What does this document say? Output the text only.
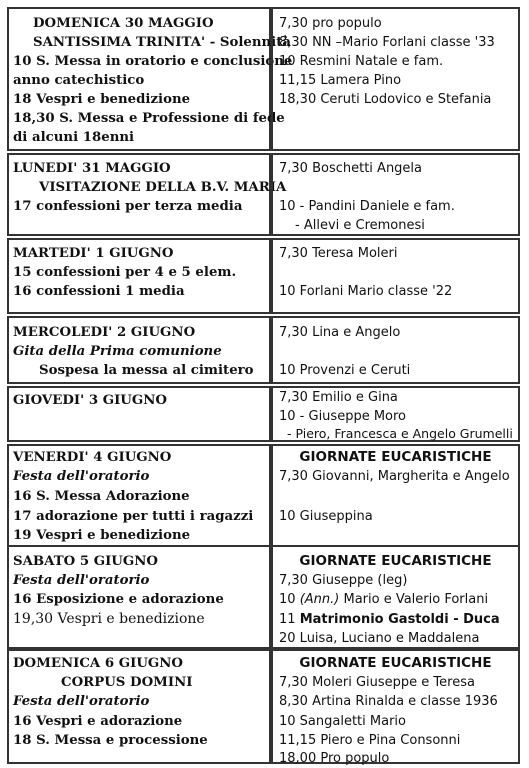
DOMENICA 30 MAGGIO
SANTISSIMA TRINITA' - Solennità
10 S. Messa in oratorio e conclusione
anno catechistico
18 Vespri e benedizione
18,30 S. Messa e Professione di fede
di alcuni 18enni
7,30 pro populo
8,30 NN –Mario Forlani classe '33
10 Resmini Natale e fam.
11,15 Lamera Pino
18,30 Ceruti Lodovico e Stefania
LUNEDI' 31 MAGGIO
VISITAZIONE DELLA B.V. MARIA
17 confessioni per terza media
7,30 Boschetti Angela
10 - Pandini Daniele e fam.
- Allevi e Cremonesi
MARTEDI' 1 GIUGNO
15 confessioni per 4 e 5 elem.
16 confessioni 1 media
7,30 Teresa Moleri
10 Forlani Mario classe '22
MERCOLEDI' 2 GIUGNO
Gita della Prima comunione
Sospesa la messa al cimitero
7,30 Lina e Angelo
10 Provenzi e Ceruti
GIOVEDI' 3 GIUGNO	7,30 Emilio e Gina
10 - Giuseppe Moro
- Piero, Francesca e Angelo Grumelli
VENERDI' 4 GIUGNO
Festa dell'oratorio
16 S. Messa Adorazione
17 adorazione per tutti i ragazzi
19 Vespri e benedizione
GIORNATE EUCARISTICHE
7,30 Giovanni, Margherita e Angelo
10 Giuseppina
SABATO 5 GIUGNO
Festa dell'oratorio
16 Esposizione e adorazione
19,30 Vespri e benedizione
GIORNATE EUCARISTICHE
7,30 Giuseppe (leg)
10 (Ann.) Mario e Valerio Forlani
11 Matrimonio Gastoldi - Duca
20 Luisa, Luciano e Maddalena
DOMENICA 6 GIUGNO
CORPUS DOMINI
Festa dell'oratorio
16 Vespri e adorazione
18 S. Messa e processione
GIORNATE EUCARISTICHE
7,30 Moleri Giuseppe e Teresa
8,30 Artina Rinalda e classe 1936
10 Sangaletti Mario
11,15 Piero e Pina Consonni
18,00 Pro populo
